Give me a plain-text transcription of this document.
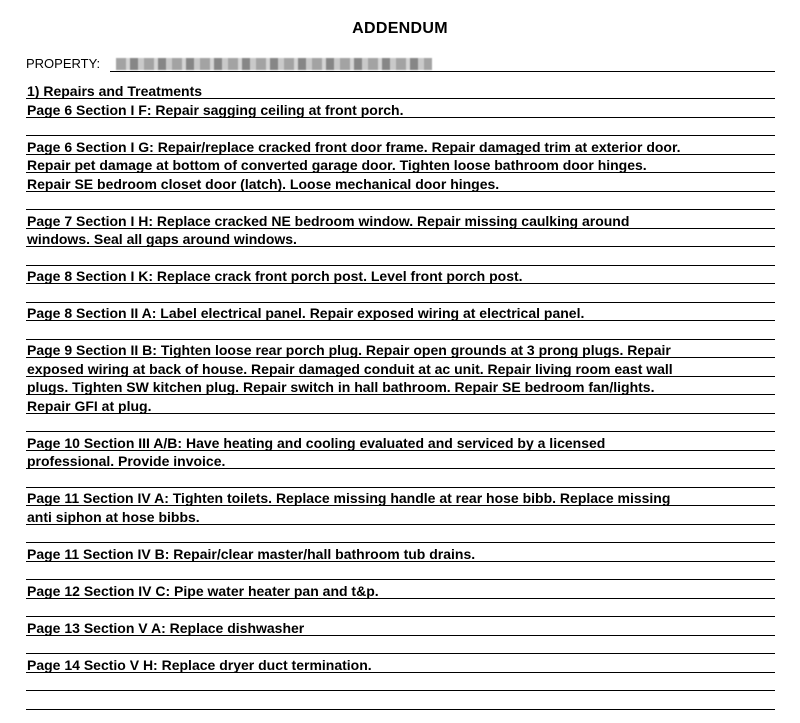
ADDENDUM
PROPERTY:
1) Repairs and Treatments
Page 6 Section I F: Repair sagging ceiling at front porch.
Page 6 Section I G: Repair/replace cracked front door frame. Repair damaged trim at exterior door.
Repair pet damage at bottom of converted garage door. Tighten loose bathroom door hinges.
Repair SE bedroom closet door (latch). Loose mechanical door hinges.
Page 7 Section I H: Replace cracked NE bedroom window. Repair missing caulking around
windows. Seal all gaps around windows.
Page 8 Section I K: Replace crack front porch post. Level front porch post.
Page 8 Section II A: Label electrical panel. Repair exposed wiring at electrical panel.
Page 9 Section II B: Tighten loose rear porch plug. Repair open grounds at 3 prong plugs. Repair
exposed wiring at back of house. Repair damaged conduit at ac unit. Repair living room east wall
plugs. Tighten SW kitchen plug. Repair switch in hall bathroom. Repair SE bedroom fan/lights.
Repair GFI at plug.
Page 10 Section III A/B: Have heating and cooling evaluated and serviced by a licensed
professional. Provide invoice.
Page 11 Section IV A: Tighten toilets. Replace missing handle at rear hose bibb. Replace missing
anti siphon at hose bibbs.
Page 11 Section IV B: Repair/clear master/hall bathroom tub drains.
Page 12 Section IV C: Pipe water heater pan and t&p.
Page 13 Section V A: Replace dishwasher
Page 14 Sectio V H: Replace dryer duct termination.
